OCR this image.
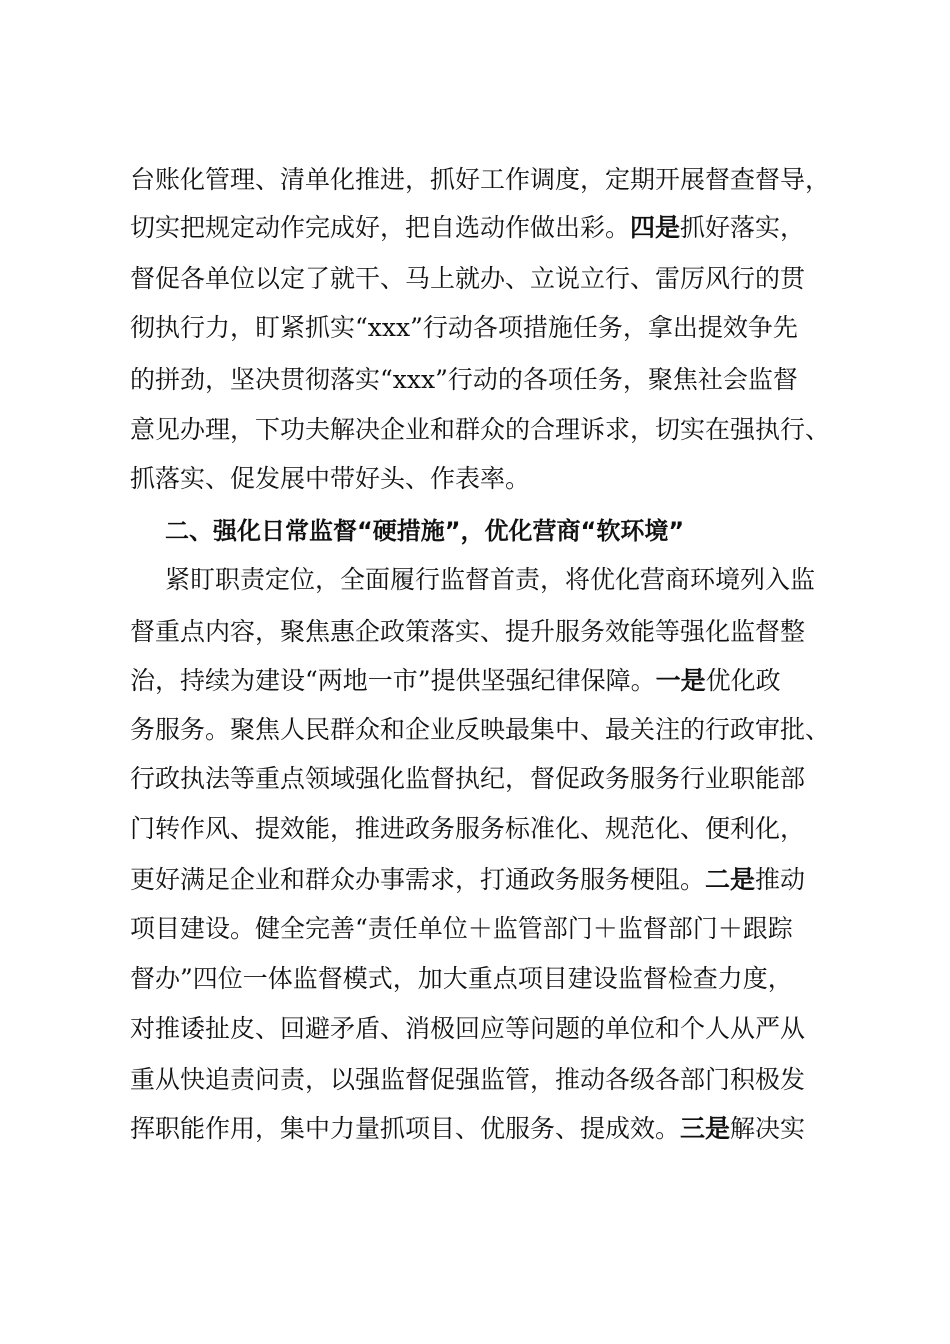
台账化管理、清单化推进，抓好工作调度，定期开展督查督导，
切实把规定动作完成好，把自选动作做出彩。四是抓好落实，
督促各单位以定了就干、马上就办、立说立行、雷厉风行的贯
彻执行力，盯紧抓实“xxx”行动各项措施任务，拿出提效争先
的拼劲，坚决贯彻落实“xxx”行动的各项任务，聚焦社会监督
意见办理，下功夫解决企业和群众的合理诉求，切实在强执行、
抓落实、促发展中带好头、作表率。
二、强化日常监督“硬措施”，优化营商“软环境”
紧盯职责定位，全面履行监督首责，将优化营商环境列入监
督重点内容，聚焦惠企政策落实、提升服务效能等强化监督整
治，持续为建设“两地一市”提供坚强纪律保障。一是优化政
务服务。聚焦人民群众和企业反映最集中、最关注的行政审批、
行政执法等重点领域强化监督执纪，督促政务服务行业职能部
门转作风、提效能，推进政务服务标准化、规范化、便利化，
更好满足企业和群众办事需求，打通政务服务梗阻。二是推动
项目建设。健全完善“责任单位＋监管部门＋监督部门＋跟踪
督办”四位一体监督模式，加大重点项目建设监督检查力度，
对推诿扯皮、回避矛盾、消极回应等问题的单位和个人从严从
重从快追责问责，以强监督促强监管，推动各级各部门积极发
挥职能作用，集中力量抓项目、优服务、提成效。三是解决实
